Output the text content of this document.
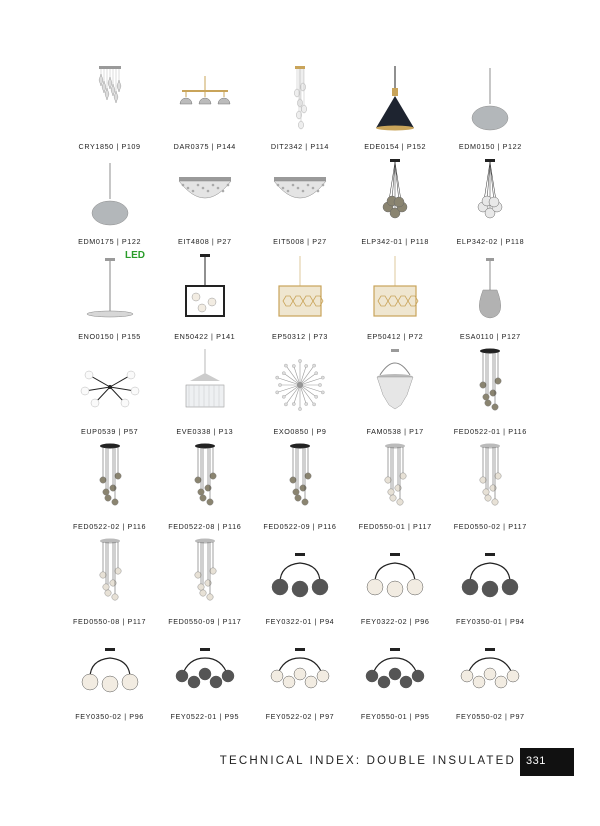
CRY1850 | P109	DAR0375 | P144	DIT2342 | P114	EDE0154 | P152	EDM0150 | P122
EDM0175 | P122	EIT4808 | P27	EIT5008 | P27	ELP342-01 | P118	ELP342-02 | P118
LED
ENO0150 | P155	EN50422 | P141	EP50312 | P73	EP50412 | P72	ESA0110 | P127
EUP0539 | P57	EVE0338 | P13	EXO0850 | P9	FAM0538 | P17	FED0522-01 | P116
FED0522-02 | P116	FED0522-08 | P116	FED0522-09 | P116	FED0550-01 | P117	FED0550-02 | P117
FED0550-08 | P117	FED0550-09 | P117	FEY0322-01 | P94	FEY0322-02 | P96	FEY0350-01 | P94
FEY0350-02 | P96	FEY0522-01 | P95	FEY0522-02 | P97	FEY0550-01 | P95	FEY0550-02 | P97
TECHNICAL INDEX: DOUBLE INSULATED 331
